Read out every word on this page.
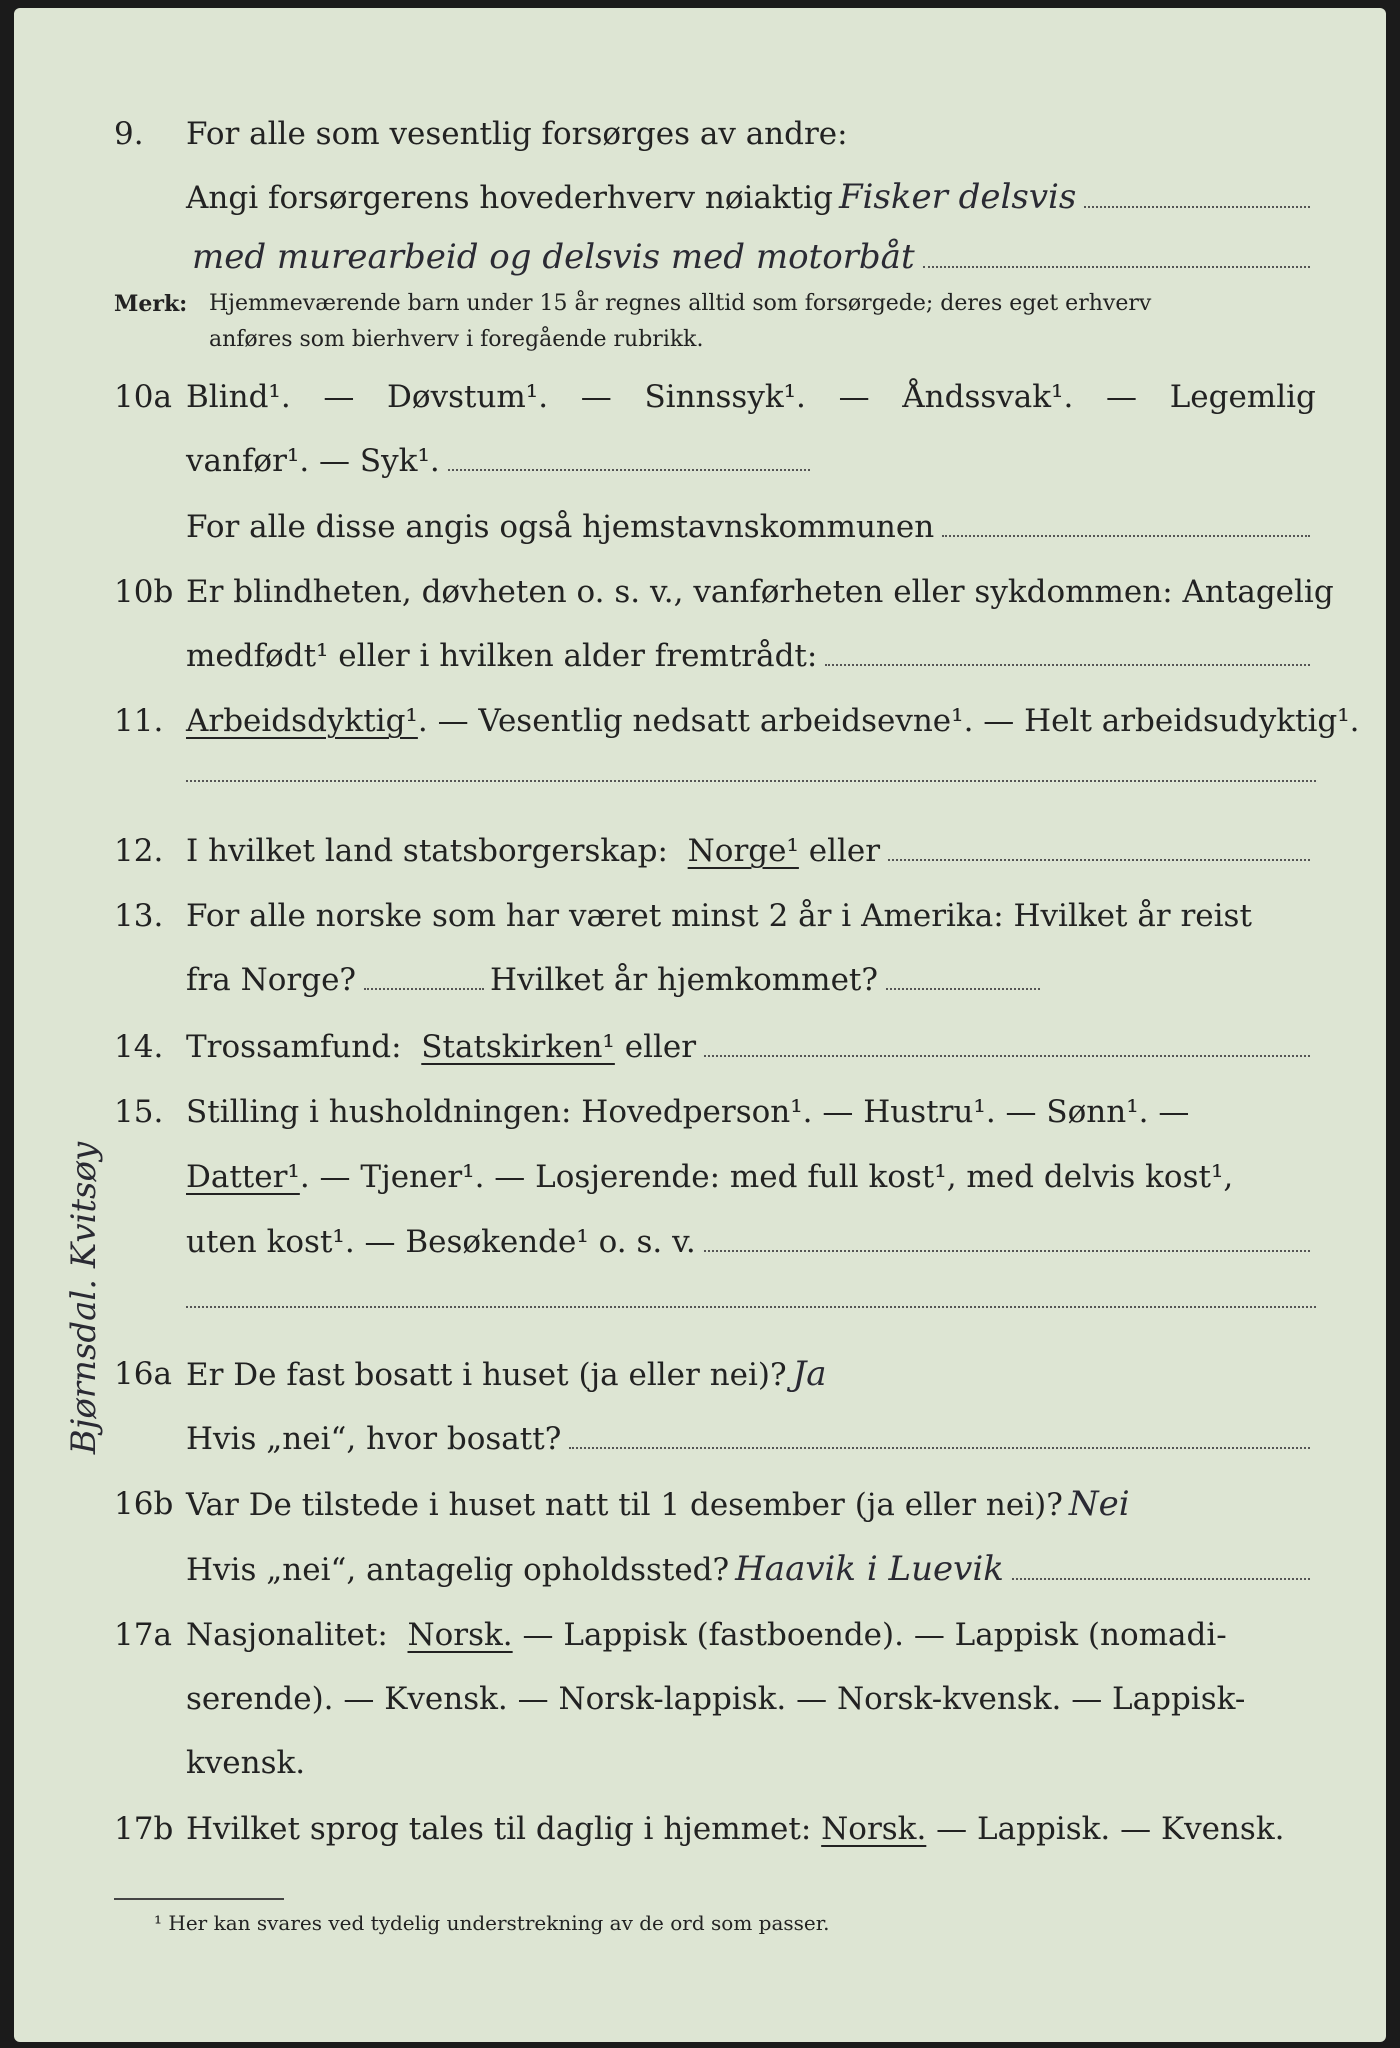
9. For alle som vesentlig forsørges av andre:
Angi forsørgerens hovederhverv nøiaktig Fisker delsvis
med murearbeid og delsvis med motorbåt
Merk: Hjemmeværende barn under 15 år regnes alltid som forsørgede; deres eget erhverv
anføres som bierhverv i foregående rubrikk.
10a Blind¹. — Døvstum¹. — Sinnssyk¹. — Åndssvak¹. — Legemlig
vanfør¹. — Syk¹.
For alle disse angis også hjemstavnskommunen
10b Er blindheten, døvheten o. s. v., vanførheten eller sykdommen: Antagelig
medfødt¹ eller i hvilken alder fremtrådt:
11. Arbeidsdyktig¹ . — Vesentlig nedsatt arbeidsevne¹. — Helt arbeidsudyktig¹.
12. I hvilket land statsborgerskap:
Norge¹
eller
13. For alle norske som har været minst 2 år i Amerika: Hvilket år reist
fra Norge?	Hvilket år hjemkommet?
14. Trossamfund:
Statskirken¹
eller
15. Stilling i husholdningen: Hovedperson¹. — Hustru¹. — Sønn¹. —
Datter¹ . — Tjener¹. — Losjerende: med full kost¹, med delvis kost¹,
uten kost¹. — Besøkende¹ o. s. v.
16a Er De fast bosatt i huset (ja eller nei)? Ja
Hvis „nei“, hvor bosatt?
16b Var De tilstede i huset natt til 1 desember (ja eller nei)? Nei
Hvis „nei“, antagelig opholdssted? Haavik i Luevik
17a Nasjonalitet:
Norsk.
— Lappisk (fastboende). — Lappisk (nomadi-
serende). — Kvensk. — Norsk-lappisk. — Norsk-kvensk. — Lappisk-
kvensk.
17b Hvilket sprog tales til daglig i hjemmet:
Norsk.
— Lappisk. — Kvensk.
Bjørnsdal. Kvitsøy
¹ Her kan svares ved tydelig understrekning av de ord som passer.
